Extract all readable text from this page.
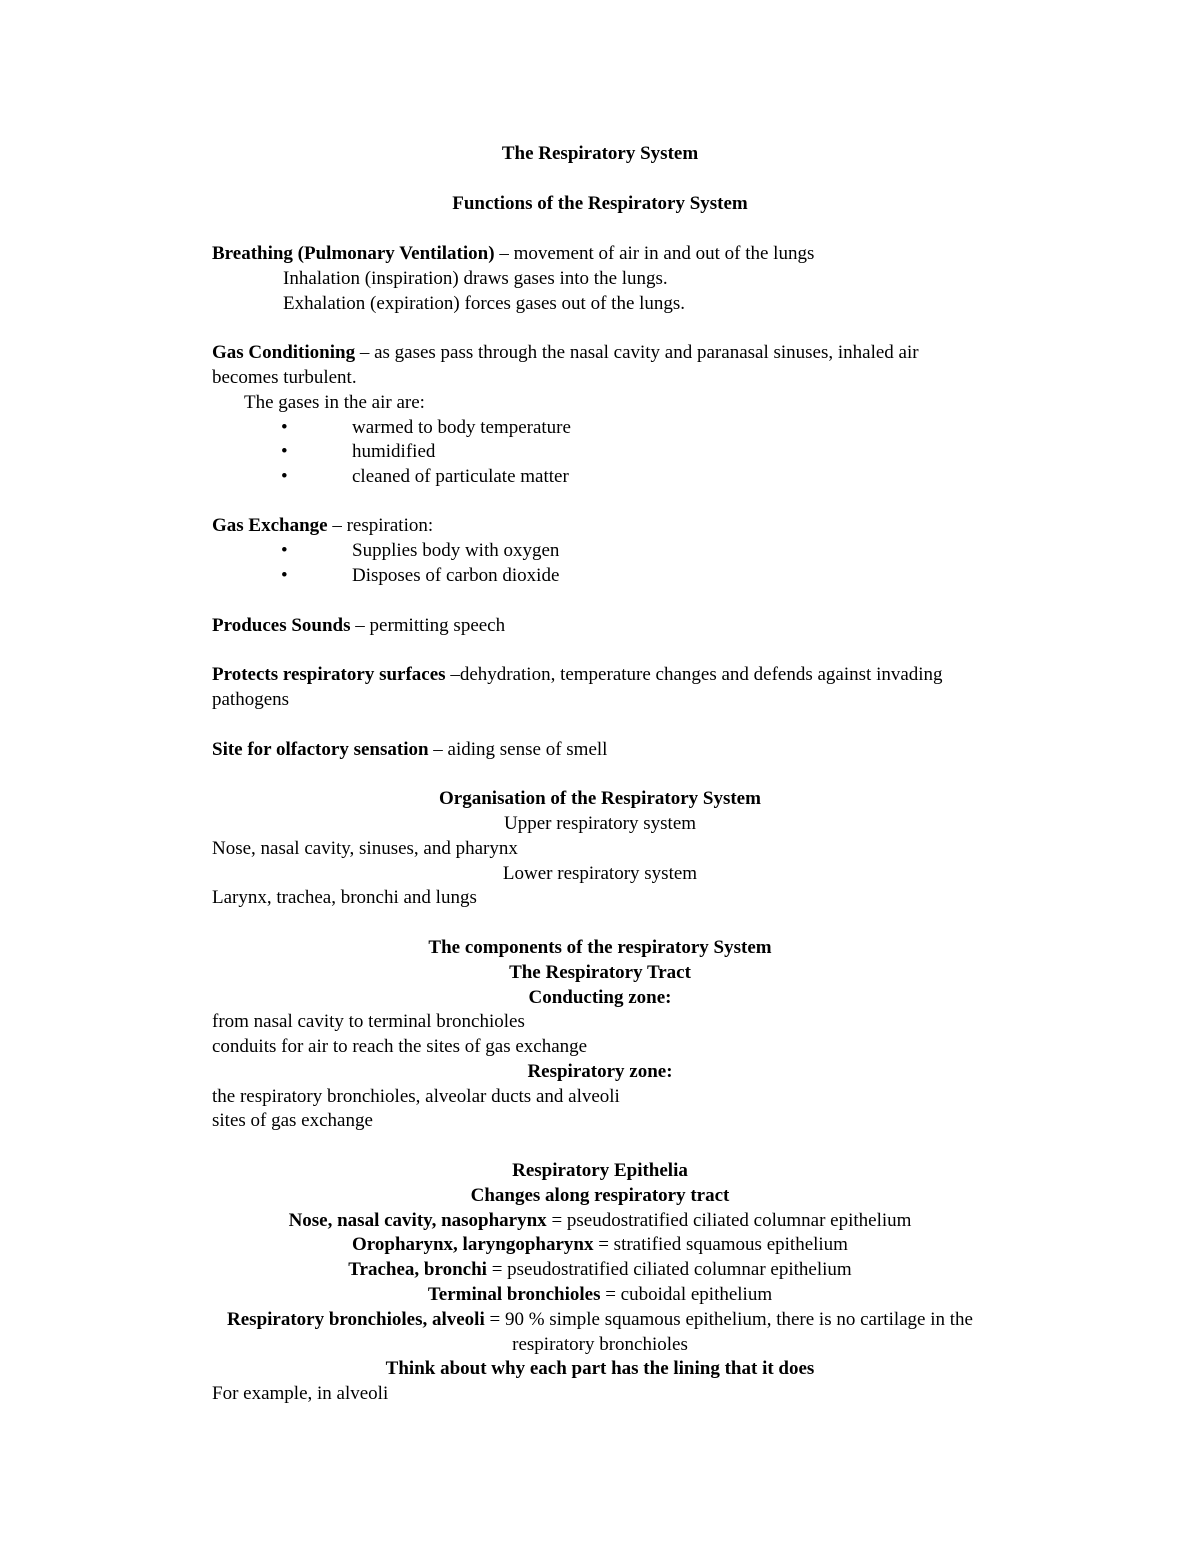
The Respiratory System
Functions of the Respiratory System
Breathing (Pulmonary Ventilation) – movement of air in and out of the lungs
Inhalation (inspiration) draws gases into the lungs.
Exhalation (expiration) forces gases out of the lungs.
Gas Conditioning – as gases pass through the nasal cavity and paranasal sinuses, inhaled air
becomes turbulent.
The gases in the air are:
•	warmed to body temperature
•	humidified
•	cleaned of particulate matter
Gas Exchange – respiration:
•	Supplies body with oxygen
•	Disposes of carbon dioxide
Produces Sounds – permitting speech
Protects respiratory surfaces –dehydration, temperature changes and defends against invading
pathogens
Site for olfactory sensation – aiding sense of smell
Organisation of the Respiratory System
Upper respiratory system
Nose, nasal cavity, sinuses, and pharynx
Lower respiratory system
Larynx, trachea, bronchi and lungs
The components of the respiratory System
The Respiratory Tract
Conducting zone:
from nasal cavity to terminal bronchioles
conduits for air to reach the sites of gas exchange
Respiratory zone:
the respiratory bronchioles, alveolar ducts and alveoli
sites of gas exchange
Respiratory Epithelia
Changes along respiratory tract
Nose, nasal cavity, nasopharynx = pseudostratified ciliated columnar epithelium
Oropharynx, laryngopharynx = stratified squamous epithelium
Trachea, bronchi = pseudostratified ciliated columnar epithelium
Terminal bronchioles = cuboidal epithelium
Respiratory bronchioles, alveoli = 90 % simple squamous epithelium, there is no cartilage in the
respiratory bronchioles
Think about why each part has the lining that it does
For example, in alveoli
